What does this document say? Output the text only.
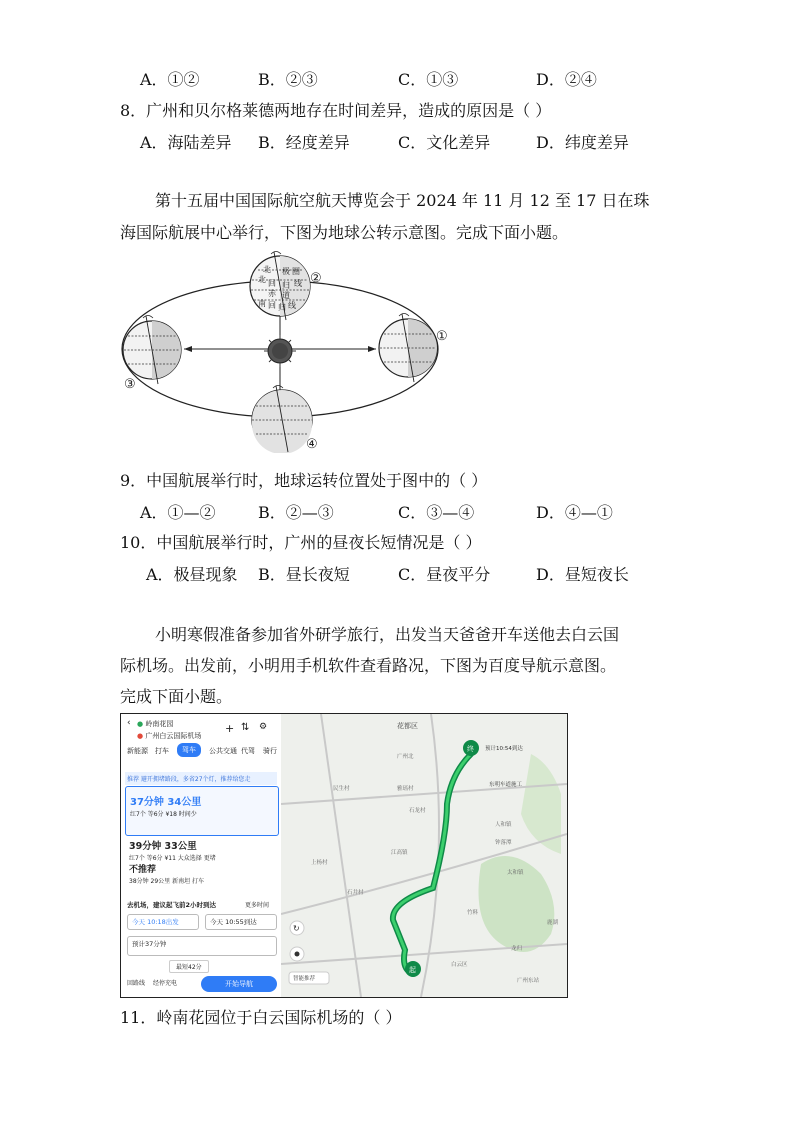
A．①②	B．②③	C．①③	D．②④
8．广州和贝尔格莱德两地存在时间差异，造成的原因是（ ）
A．海陆差异 B．经度差异	C．文化差异	D．纬度差异
第十五届中国国际航空航天博览会于 2024 年 11 月 12 至 17 日在珠
海国际航展中心举行，下图为地球公转示意图。完成下面小题。
北 极 圈
北 回 归 线
赤 道
南 回 归 线
②
①
③
④
9．中国航展举行时，地球运转位置处于图中的（ ）
A．①—②	B．②—③	C．③—④	D．④—①
10．中国航展举行时，广州的昼夜长短情况是（ ）
A．极昼现象 B．昼长夜短	C．昼夜平分	D．昼短夜长
小明寒假准备参加省外研学旅行，出发当天爸爸开车送他去白云国
际机场。出发前，小明用手机软件查看路况，下图为百度导航示意图。
完成下面小题。
‹ ● 岭南花园
● 广州白云国际机场
+ ⇅ ⚙
新能源 打车	驾车	公共交通 代驾 骑行
推荐 避开拥堵路段，多省27个灯，推荐给您走
37分钟 34公里
红7个 等6分 ¥18 时间少
39分钟 33公里
红7个 等6分 ¥11 大众选择 更堵
不推荐
38分钟 29公里 新南坦 打车
去机场，建议起飞前2小时到达	更多时间
今天 10:18出发	今天 10:55到达
预计37分钟
最短42分
回路线 经停充电	开始导航
起
终 预计10:54到达
花都区
广州北
民生村	雅瑶村
石龙村
人和镇
太和镇
江高镇
钟落潭
龙归
石井村
上杨村
竹料
白云区
广州东站
鹿湖
东明车道施工
↻
智能推荐
11．岭南花园位于白云国际机场的（ ）
